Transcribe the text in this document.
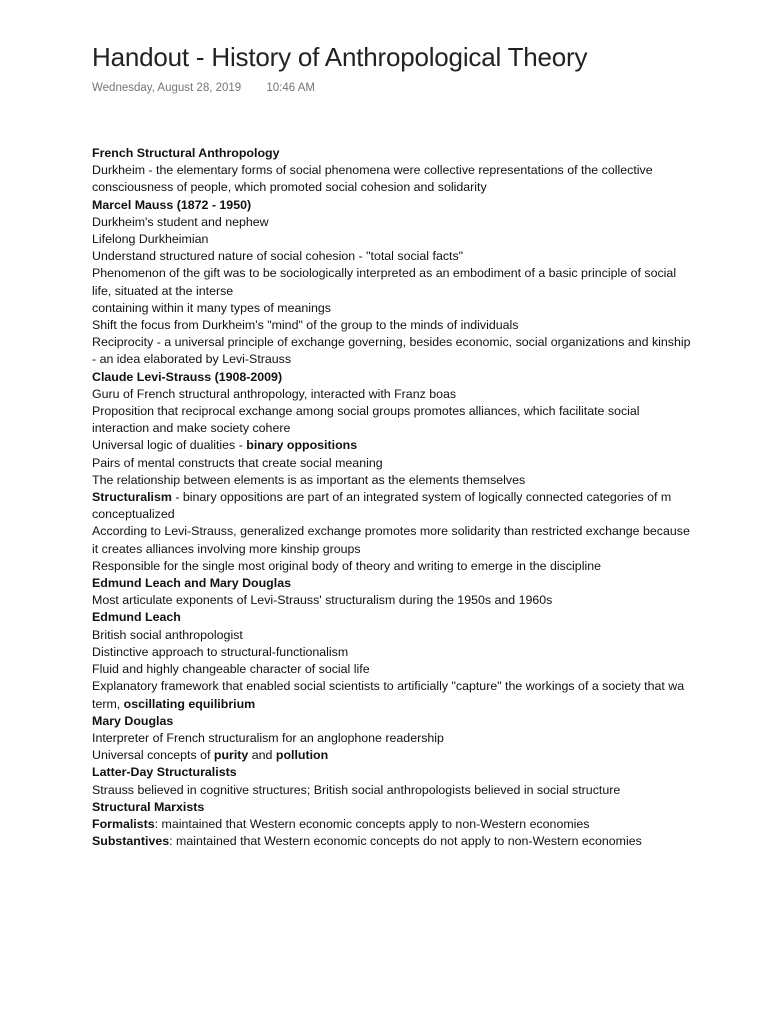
Handout - History of Anthropological Theory
Wednesday, August 28, 2019 10:46 AM
French Structural Anthropology
Durkheim - the elementary forms of social phenomena were collective representations of the collective consciousness of people, which promoted social cohesion and solidarity
Marcel Mauss (1872 - 1950)
Durkheim's student and nephew
Lifelong Durkheimian
Understand structured nature of social cohesion - "total social facts"
Phenomenon of the gift was to be sociologically interpreted as an embodiment of a basic principle of social life, situated at the interse
containing within it many types of meanings
Shift the focus from Durkheim's "mind" of the group to the minds of individuals
Reciprocity - a universal principle of exchange governing, besides economic, social organizations and kinship - an idea elaborated by Levi-Strauss
Claude Levi-Strauss (1908-2009)
Guru of French structural anthropology, interacted with Franz boas
Proposition that reciprocal exchange among social groups promotes alliances, which facilitate social interaction and make society cohere
Universal logic of dualities - binary oppositions
Pairs of mental constructs that create social meaning
The relationship between elements is as important as the elements themselves
Structuralism - binary oppositions are part of an integrated system of logically connected categories of m
conceptualized
According to Levi-Strauss, generalized exchange promotes more solidarity than restricted exchange because it creates alliances involving more kinship groups
Responsible for the single most original body of theory and writing to emerge in the discipline
Edmund Leach and Mary Douglas
Most articulate exponents of Levi-Strauss' structuralism during the 1950s and 1960s
Edmund Leach
British social anthropologist
Distinctive approach to structural-functionalism
Fluid and highly changeable character of social life
Explanatory framework that enabled social scientists to artificially "capture" the workings of a society that wa
term, oscillating equilibrium
Mary Douglas
Interpreter of French structuralism for an anglophone readership
Universal concepts of purity and pollution
Latter-Day Structuralists
Strauss believed in cognitive structures; British social anthropologists believed in social structure
Structural Marxists
Formalists: maintained that Western economic concepts apply to non-Western economies
Substantives: maintained that Western economic concepts do not apply to non-Western economies
